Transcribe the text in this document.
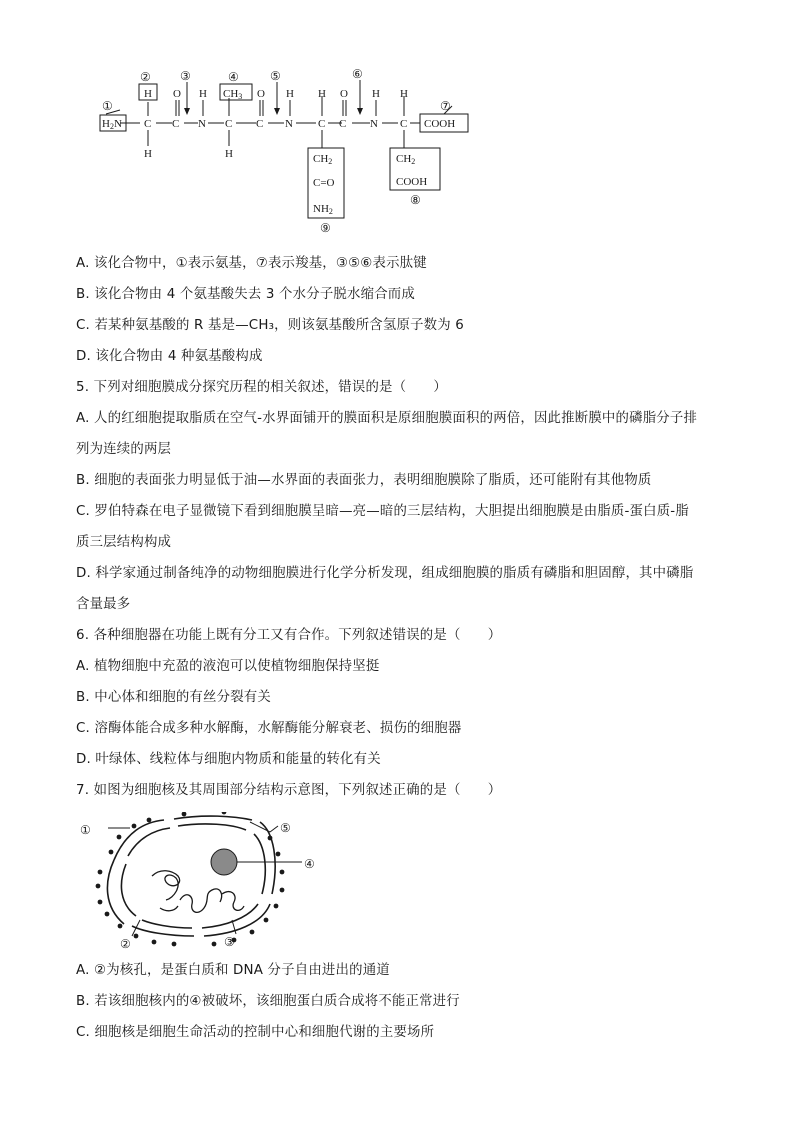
H2N C
H
H
C
O
N
H
C
CH3
H
C
O
N
H
C
H
C
O
N
H
C
H
COOH
CH2
C=O
NH2
CH2
COOH
①
② ③	④	⑤	⑥
⑦
⑧
⑨
A. 该化合物中，①表示氨基，⑦表示羧基，③⑤⑥表示肽键
B. 该化合物由 4 个氨基酸失去 3 个水分子脱水缩合而成
C. 若某种氨基酸的 R 基是—CH₃，则该氨基酸所含氢原子数为 6
D. 该化合物由 4 种氨基酸构成
5. 下列对细胞膜成分探究历程的相关叙述，错误的是（　　）
A. 人的红细胞提取脂质在空气-水界面铺开的膜面积是原细胞膜面积的两倍，因此推断膜中的磷脂分子排
列为连续的两层
B. 细胞的表面张力明显低于油—水界面的表面张力，表明细胞膜除了脂质，还可能附有其他物质
C. 罗伯特森在电子显微镜下看到细胞膜呈暗—亮—暗的三层结构，大胆提出细胞膜是由脂质-蛋白质-脂
质三层结构构成
D. 科学家通过制备纯净的动物细胞膜进行化学分析发现，组成细胞膜的脂质有磷脂和胆固醇，其中磷脂
含量最多
6. 各种细胞器在功能上既有分工又有合作。下列叙述错误的是（　　）
A. 植物细胞中充盈的液泡可以使植物细胞保持坚挺
B. 中心体和细胞的有丝分裂有关
C. 溶酶体能合成多种水解酶，水解酶能分解衰老、损伤的细胞器
D. 叶绿体、线粒体与细胞内物质和能量的转化有关
7. 如图为细胞核及其周围部分结构示意图，下列叙述正确的是（　　）
①
②	③
④
⑤
A. ②为核孔，是蛋白质和 DNA 分子自由进出的通道
B. 若该细胞核内的④被破坏，该细胞蛋白质合成将不能正常进行
C. 细胞核是细胞生命活动的控制中心和细胞代谢的主要场所
